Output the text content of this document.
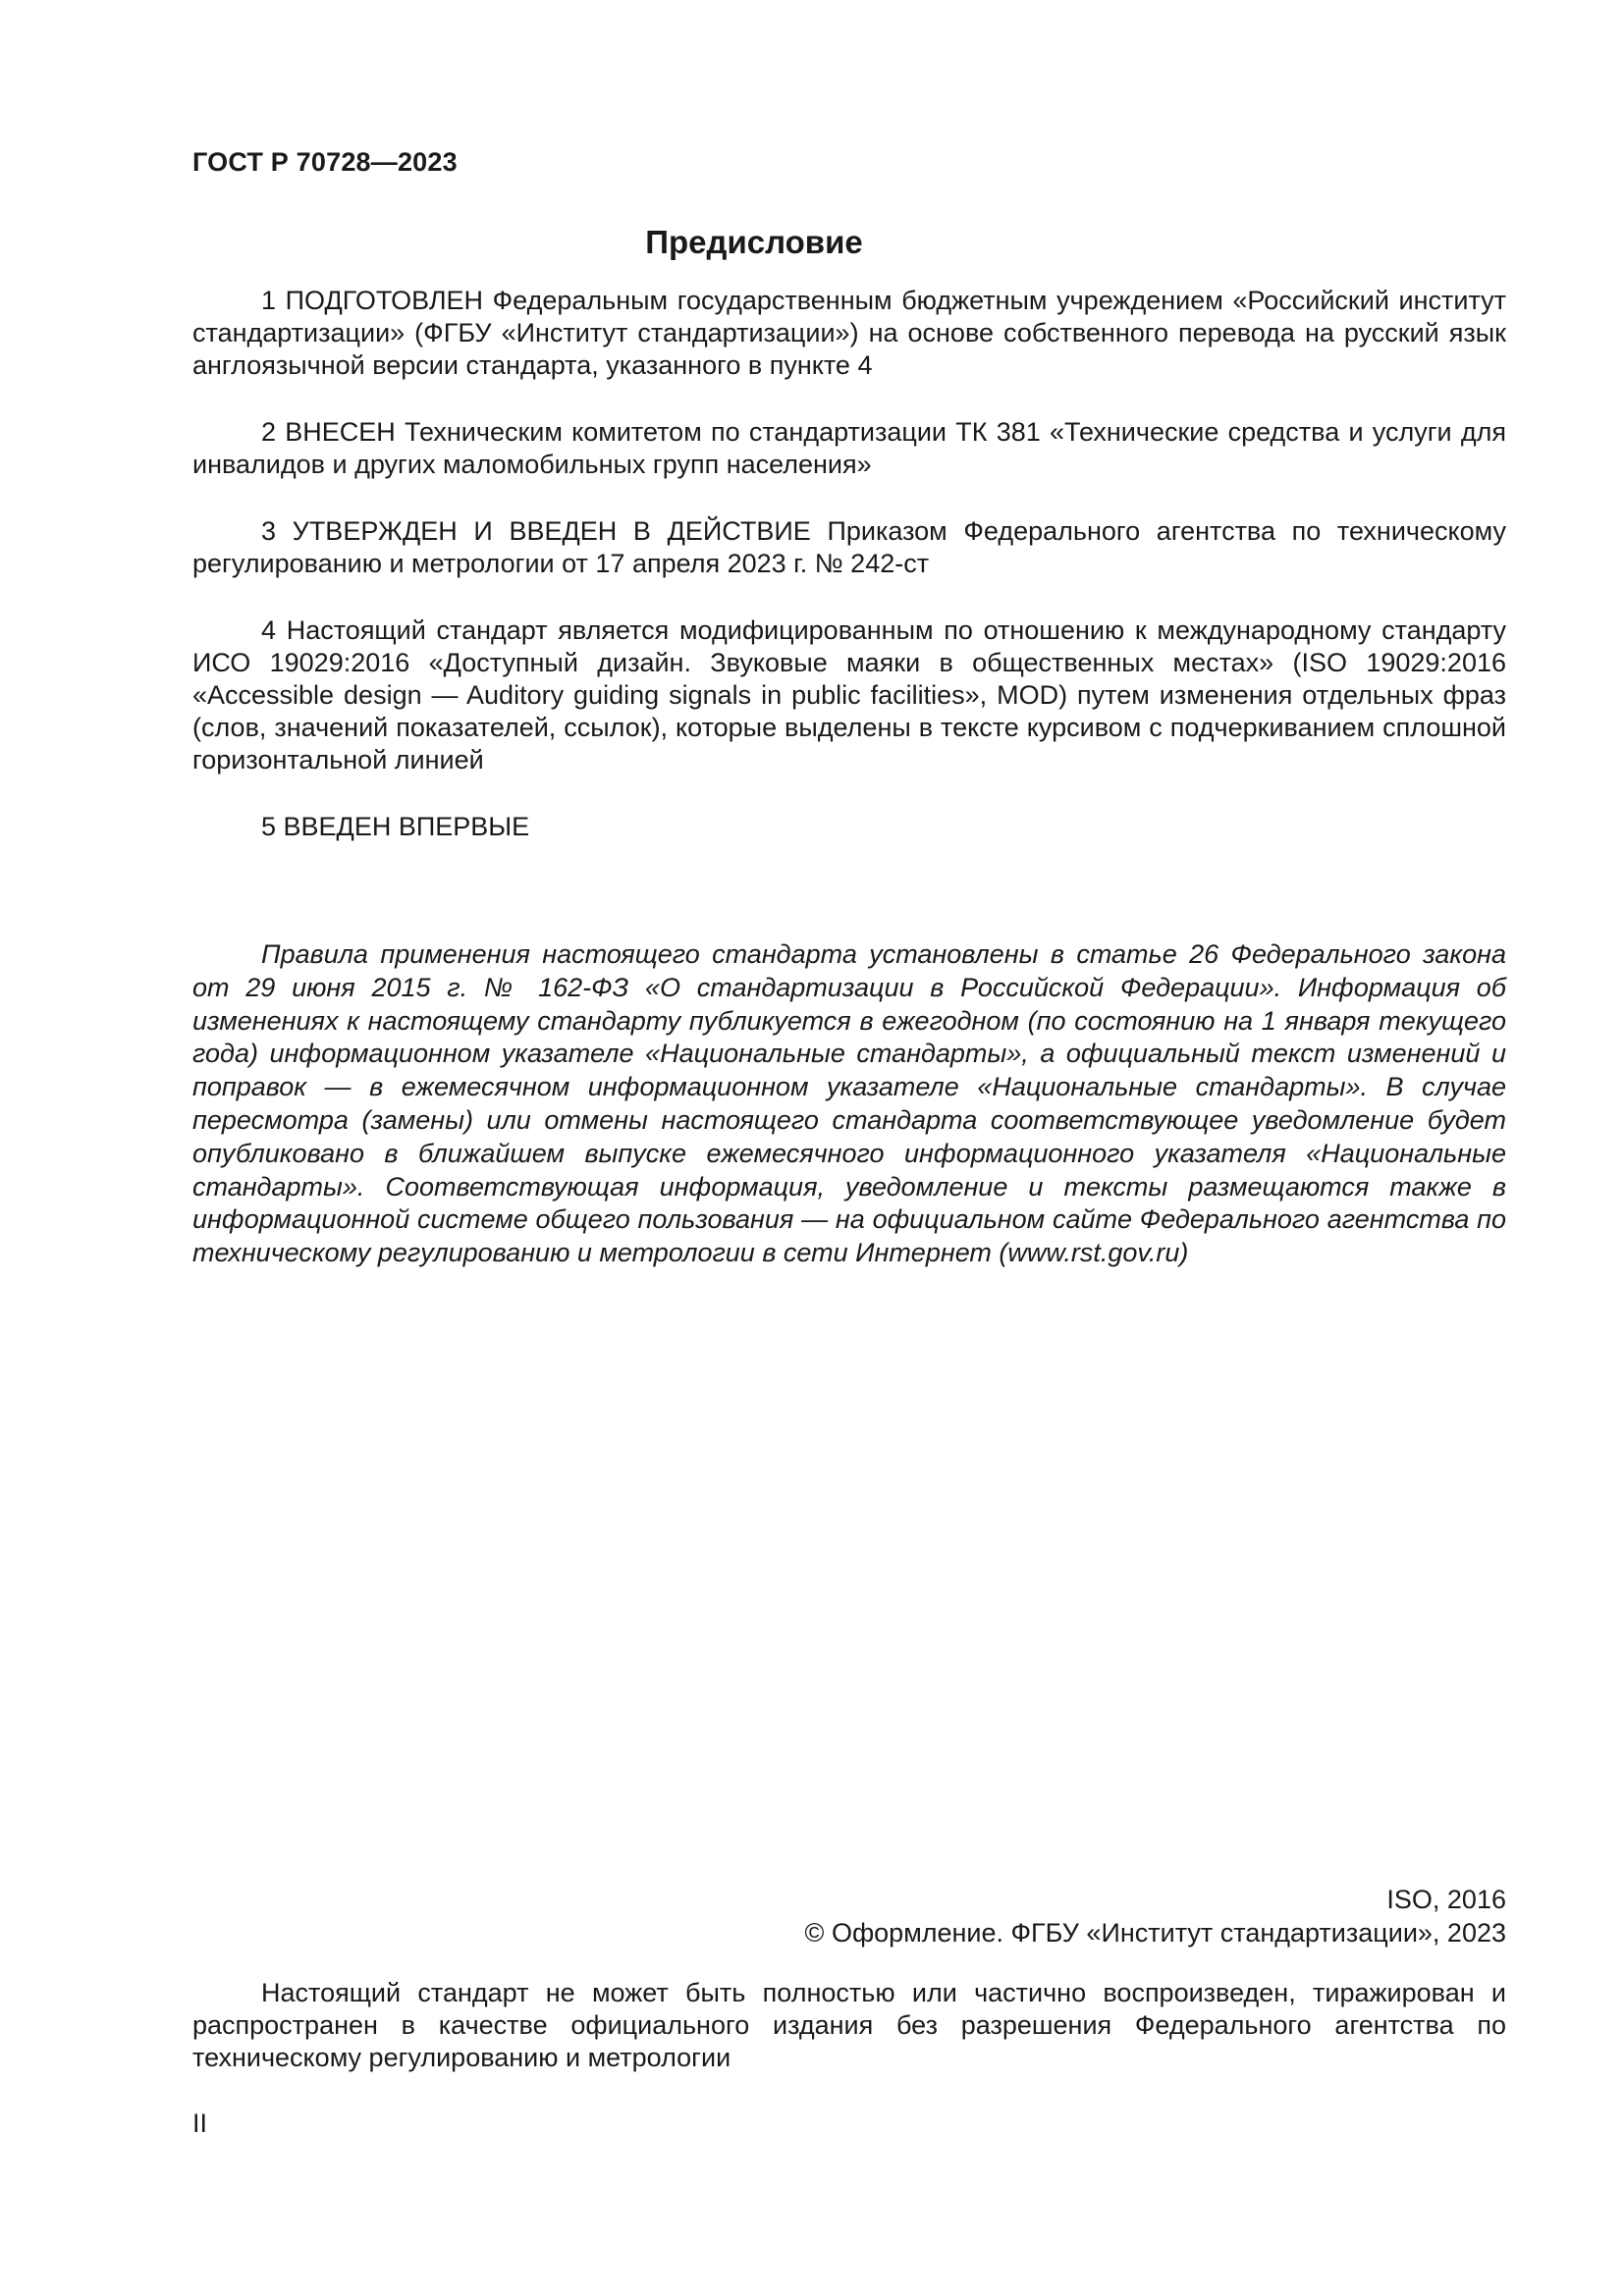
ГОСТ Р 70728—2023
Предисловие

1 ПОДГОТОВЛЕН Федеральным государственным бюджетным учреждением «Российский институт стандартизации» (ФГБУ «Институт стандартизации») на основе собственного перевода на русский язык англоязычной версии стандарта, указанного в пункте 4

2 ВНЕСЕН Техническим комитетом по стандартизации ТК 381 «Технические средства и услуги для инвалидов и других маломобильных групп населения»

3 УТВЕРЖДЕН И ВВЕДЕН В ДЕЙСТВИЕ Приказом Федерального агентства по техническому регулированию и метрологии от 17 апреля 2023 г. № 242-ст

4 Настоящий стандарт является модифицированным по отношению к международному стандарту ИСО 19029:2016 «Доступный дизайн. Звуковые маяки в общественных местах» (ISO 19029:2016 «Accessible design — Auditory guiding signals in public facilities», MOD) путем изменения отдельных фраз (слов, значений показателей, ссылок), которые выделены в тексте курсивом с подчеркиванием сплошной горизонтальной линией

5 ВВЕДЕН ВПЕРВЫЕ

Правила применения настоящего стандарта установлены в статье 26 Федерального закона от 29 июня 2015 г. № 162-ФЗ «О стандартизации в Российской Федерации». Информация об изменениях к настоящему стандарту публикуется в ежегодном (по состоянию на 1 января текущего года) информационном указателе «Национальные стандарты», а официальный текст изменений и поправок — в ежемесячном информационном указателе «Национальные стандарты». В случае пересмотра (замены) или отмены настоящего стандарта соответствующее уведомление будет опубликовано в ближайшем выпуске ежемесячного информационного указателя «Национальные стандарты». Соответствующая информация, уведомление и тексты размещаются также в информационной системе общего пользования — на официальном сайте Федерального агентства по техническому регулированию и метрологии в сети Интернет (www.rst.gov.ru)

ISO, 2016
© Оформление. ФГБУ «Институт стандартизации», 2023

Настоящий стандарт не может быть полностью или частично воспроизведен, тиражирован и распространен в качестве официального издания без разрешения Федерального агентства по техническому регулированию и метрологии

II
